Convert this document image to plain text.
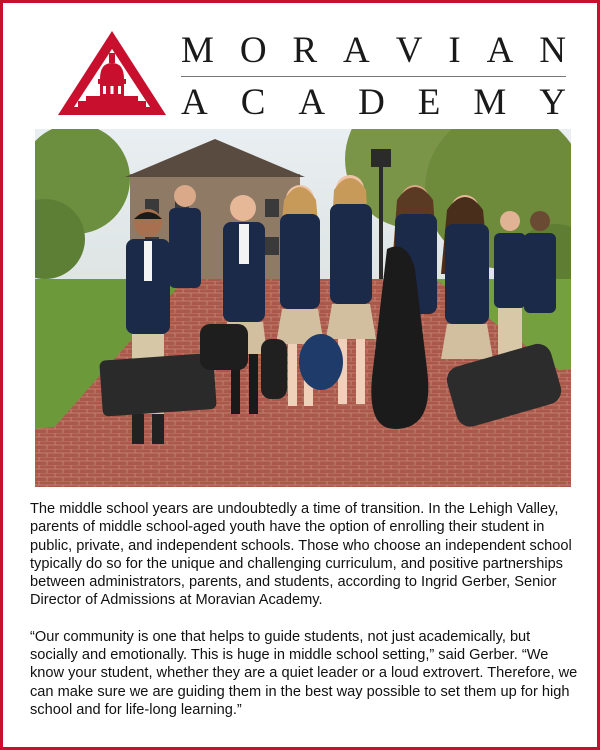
M O R A V I A N
A C A D E M Y

The middle school years are undoubtedly a time of transition. In the Lehigh Valley, parents of middle school-aged youth have the option of enrolling their student in public, private, and independent schools. Those who choose an independent school typically do so for the unique and challenging curriculum, and positive partnerships between administrators, parents, and students, according to Ingrid Gerber, Senior Director of Admissions at Moravian Academy.

“Our community is one that helps to guide students, not just academically, but socially and emotionally. This is huge in middle school setting,” said Gerber. “We know your student, whether they are a quiet leader or a loud extrovert. Therefore, we can make sure we are guiding them in the best way possible to set them up for high school and for life-long learning.”
